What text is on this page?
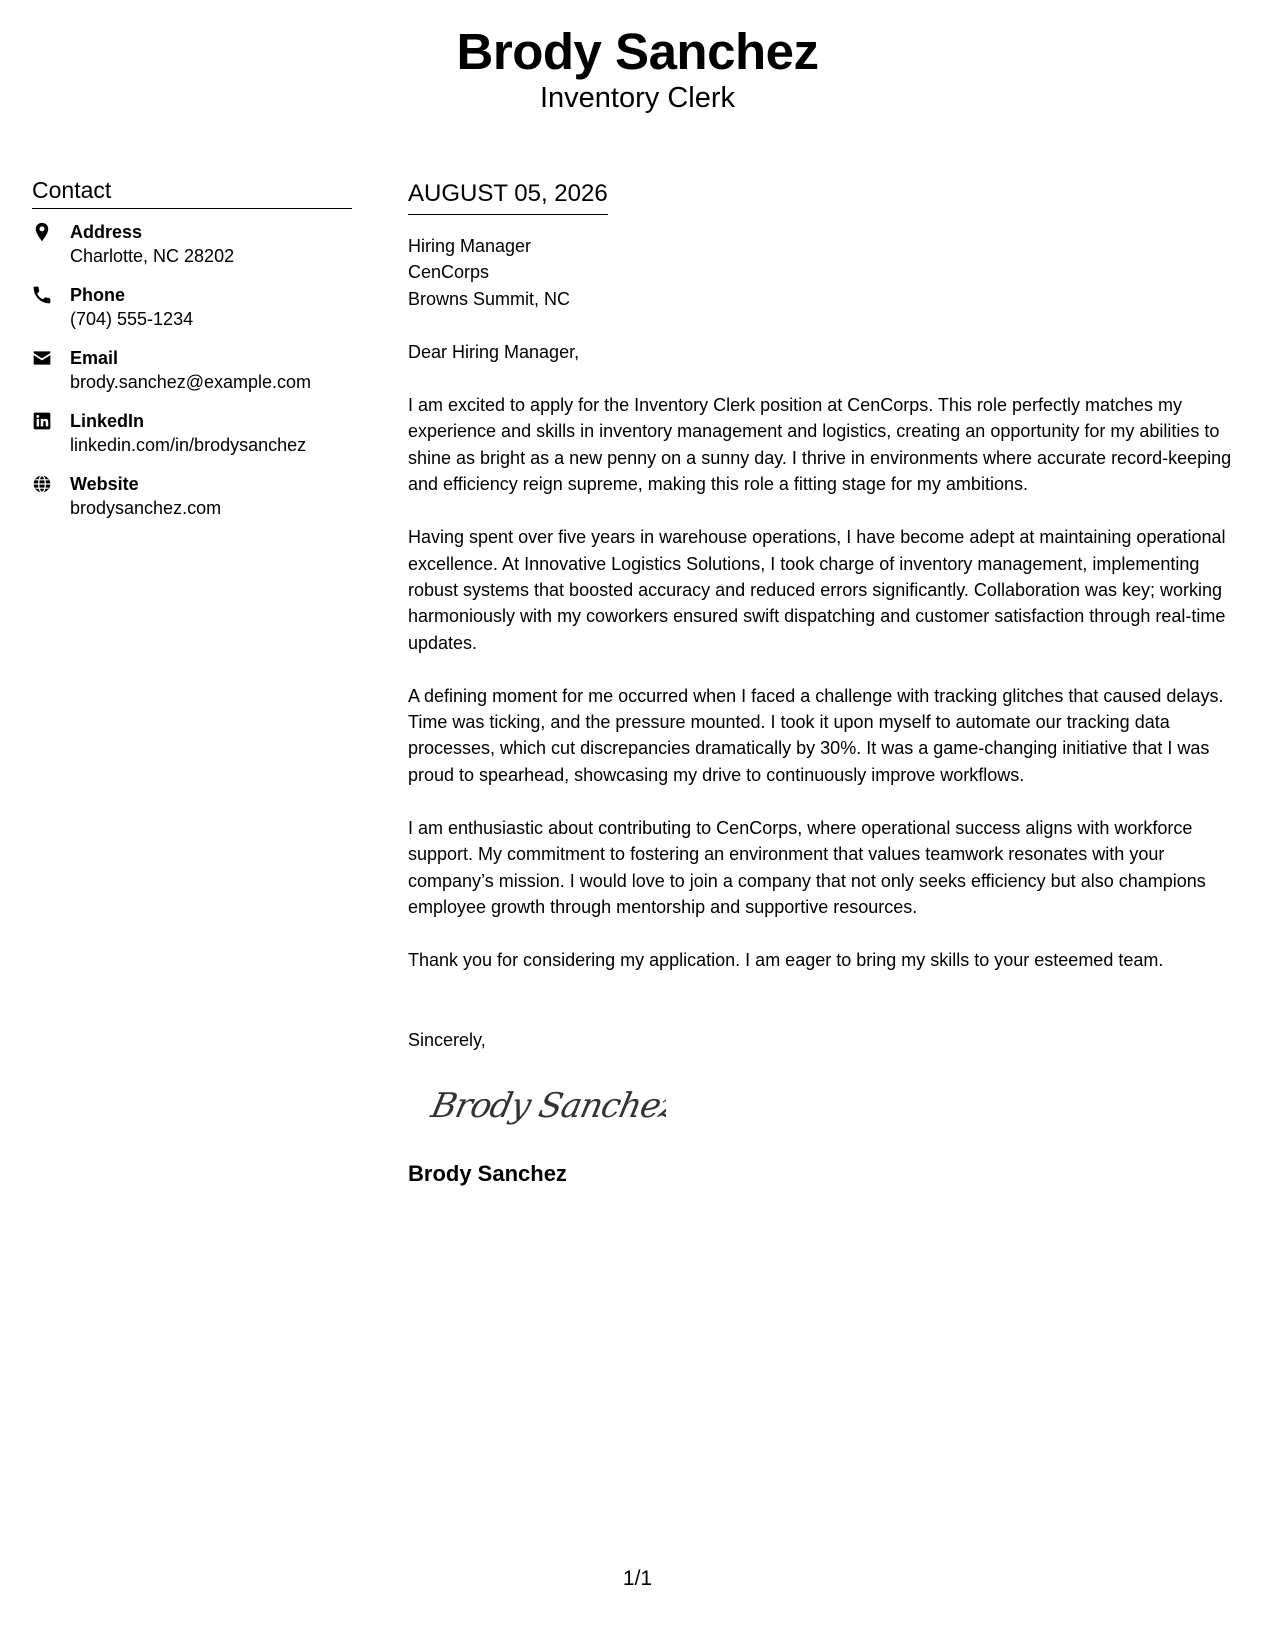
Brody Sanchez
Inventory Clerk
Contact
Address
Charlotte, NC 28202
Phone
(704) 555-1234
Email
brody.sanchez@example.com
LinkedIn
linkedin.com/in/brodysanchez
Website
brodysanchez.com
AUGUST 05, 2026
Hiring Manager
CenCorps
Browns Summit, NC
Dear Hiring Manager,
I am excited to apply for the Inventory Clerk position at CenCorps. This role perfectly matches my experience and skills in inventory management and logistics, creating an opportunity for my abilities to shine as bright as a new penny on a sunny day. I thrive in environments where accurate record-keeping and efficiency reign supreme, making this role a fitting stage for my ambitions.
Having spent over five years in warehouse operations, I have become adept at maintaining operational excellence. At Innovative Logistics Solutions, I took charge of inventory management, implementing robust systems that boosted accuracy and reduced errors significantly. Collaboration was key; working harmoniously with my coworkers ensured swift dispatching and customer satisfaction through real-time updates.
A defining moment for me occurred when I faced a challenge with tracking glitches that caused delays. Time was ticking, and the pressure mounted. I took it upon myself to automate our tracking data processes, which cut discrepancies dramatically by 30%. It was a game-changing initiative that I was proud to spearhead, showcasing my drive to continuously improve workflows.
I am enthusiastic about contributing to CenCorps, where operational success aligns with workforce support. My commitment to fostering an environment that values teamwork resonates with your company’s mission. I would love to join a company that not only seeks efficiency but also champions employee growth through mentorship and supportive resources.
Thank you for considering my application. I am eager to bring my skills to your esteemed team.
Sincerely,
Brody Sanchez
Brody Sanchez
1/1
